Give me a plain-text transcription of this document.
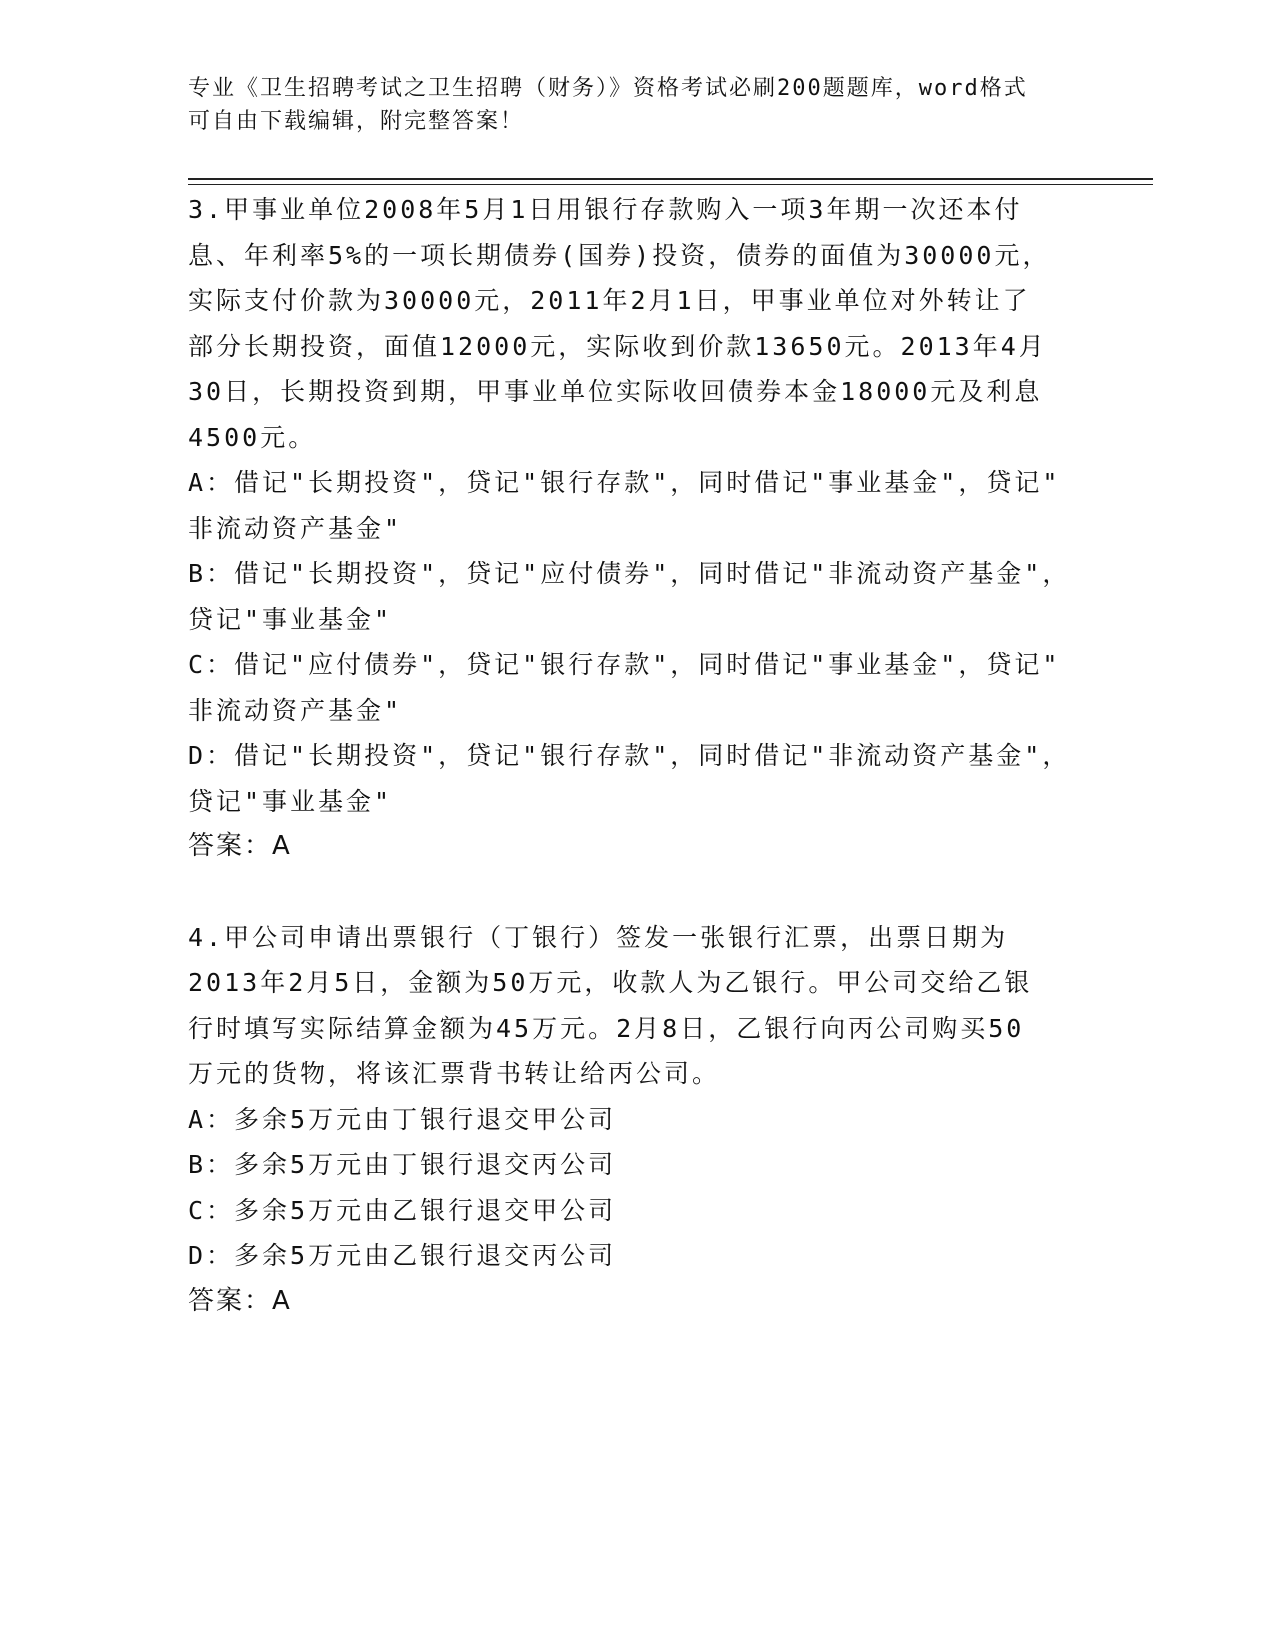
专业《卫生招聘考试之卫生招聘（财务）》资格考试必刷200题题库，word格式
可自由下载编辑，附完整答案！
3.甲事业单位2008年5月1日用银行存款购入一项3年期一次还本付
息、年利率5%的一项长期债券(国券)投资，债券的面值为30000元，
实际支付价款为30000元，2011年2月1日，甲事业单位对外转让了
部分长期投资，面值12000元，实际收到价款13650元。2013年4月
30日，长期投资到期，甲事业单位实际收回债券本金18000元及利息
4500元。
A：借记"长期投资"，贷记"银行存款"，同时借记"事业基金"，贷记"
非流动资产基金"
B：借记"长期投资"，贷记"应付债券"，同时借记"非流动资产基金"，
贷记"事业基金"
C：借记"应付债券"，贷记"银行存款"，同时借记"事业基金"，贷记"
非流动资产基金"
D：借记"长期投资"，贷记"银行存款"，同时借记"非流动资产基金"，
贷记"事业基金"
答案：A
4.甲公司申请出票银行（丁银行）签发一张银行汇票，出票日期为
2013年2月5日，金额为50万元，收款人为乙银行。甲公司交给乙银
行时填写实际结算金额为45万元。2月8日，乙银行向丙公司购买50
万元的货物，将该汇票背书转让给丙公司。
A：多余5万元由丁银行退交甲公司
B：多余5万元由丁银行退交丙公司
C：多余5万元由乙银行退交甲公司
D：多余5万元由乙银行退交丙公司
答案：A
